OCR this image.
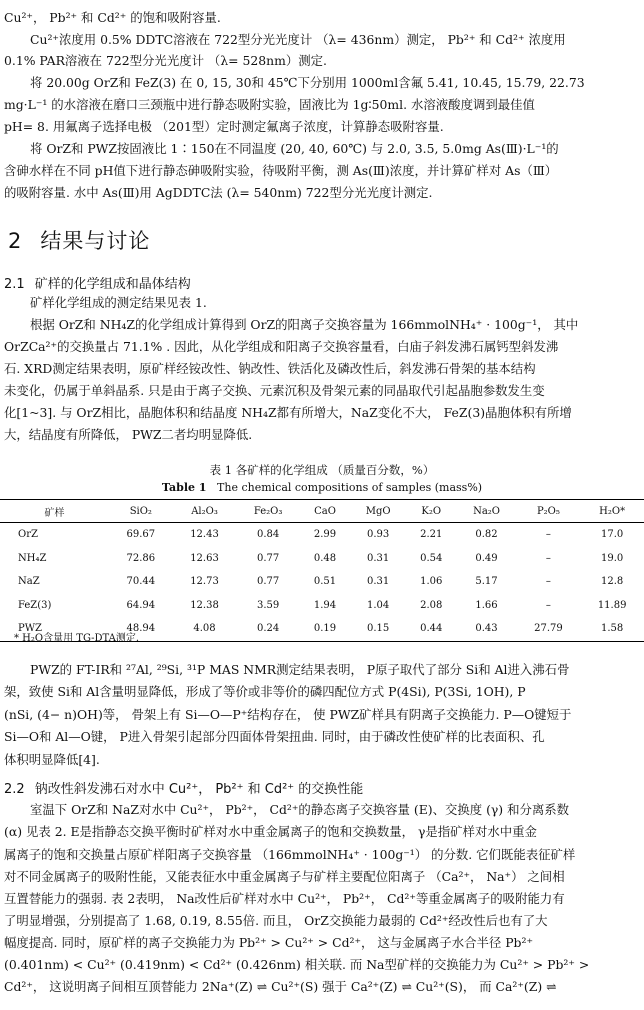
Cu²⁺， Pb²⁺ 和 Cd²⁺ 的饱和吸附容量.
Cu²⁺浓度用 0.5% DDTC溶液在 722型分光光度计 （λ= 436nm）测定， Pb²⁺ 和 Cd²⁺ 浓度用
0.1% PAR溶液在 722型分光光度计 （λ= 528nm）测定.
将 20.00g OrZ和 FeZ(3) 在 0, 15, 30和 45℃下分别用 1000ml含氟 5.41, 10.45, 15.79, 22.73
mg·L⁻¹ 的水溶液在磨口三颈瓶中进行静态吸附实验，固液比为 1g∶50ml. 水溶液酸度调到最佳值
pH= 8. 用氟离子选择电极 （201型）定时测定氟离子浓度，计算静态吸附容量.
将 OrZ和 PWZ按固液比 1∶150在不同温度 (20, 40, 60℃) 与 2.0, 3.5, 5.0mg As(Ⅲ)·L⁻¹的
含砷水样在不同 pH值下进行静态砷吸附实验，待吸附平衡，测 As(Ⅲ)浓度，并计算矿样对 As（Ⅲ）
的吸附容量. 水中 As(Ⅲ)用 AgDDTC法 (λ= 540nm) 722型分光光度计测定.
2 结果与讨论
2.1 矿样的化学组成和晶体结构
矿样化学组成的测定结果见表 1.
根据 OrZ和 NH₄Z的化学组成计算得到 OrZ的阳离子交换容量为 166mmolNH₄⁺ · 100g⁻¹， 其中
OrZCa²⁺的交换量占 71.1% . 因此，从化学组成和阳离子交换容量看，白庙子斜发沸石属钙型斜发沸
石. XRD测定结果表明，原矿样经铵改性、钠改性、铁活化及磷改性后，斜发沸石骨架的基本结构
未变化，仍属于单斜晶系. 只是由于离子交换、元素沉积及骨架元素的同晶取代引起晶胞参数发生变
化[1~3]. 与 OrZ相比，晶胞体积和结晶度 NH₄Z都有所增大，NaZ变化不大， FeZ(3)晶胞体积有所增
大，结晶度有所降低， PWZ二者均明显降低.
表 1 各矿样的化学组成 （质量百分数，%）
Table 1 The chemical compositions of samples (mass%)
矿样	SiO₂	Al₂O₃	Fe₂O₃	CaO	MgO	K₂O	Na₂O	P₂O₅	H₂O*
OrZ	69.67	12.43	0.84	2.99	0.93	2.21	0.82	–	17.0
NH₄Z	72.86	12.63	0.77	0.48	0.31	0.54	0.49	–	19.0
NaZ	70.44	12.73	0.77	0.51	0.31	1.06	5.17	–	12.8
FeZ(3)	64.94	12.38	3.59	1.94	1.04	2.08	1.66	–	11.89
PWZ	48.94	4.08	0.24	0.19	0.15	0.44	0.43	27.79	1.58
* H₂O含量用 TG-DTA测定.
PWZ的 FT-IR和 ²⁷Al, ²⁹Si, ³¹P MAS NMR测定结果表明， P原子取代了部分 Si和 Al进入沸石骨
架，致使 Si和 Al含量明显降低，形成了等价或非等价的磷四配位方式 P(4Si), P(3Si, 1OH), P
(nSi, (4− n)OH)等， 骨架上有 Si—O—P⁺结构存在， 使 PWZ矿样具有阴离子交换能力. P—O键短于
Si—O和 Al—O键， P进入骨架引起部分四面体骨架扭曲. 同时，由于磷改性使矿样的比表面积、孔
体积明显降低[4].
2.2 钠改性斜发沸石对水中 Cu²⁺， Pb²⁺ 和 Cd²⁺ 的交换性能
室温下 OrZ和 NaZ对水中 Cu²⁺， Pb²⁺， Cd²⁺的静态离子交换容量 (E)、交换度 (γ) 和分离系数
(α) 见表 2. E是指静态交换平衡时矿样对水中重金属离子的饱和交换数量， γ是指矿样对水中重金
属离子的饱和交换量占原矿样阳离子交换容量 （166mmolNH₄⁺ · 100g⁻¹） 的分数. 它们既能表征矿样
对不同金属离子的吸附性能，又能表征水中重金属离子与矿样主要配位阳离子 （Ca²⁺， Na⁺） 之间相
互置替能力的强弱. 表 2表明， Na改性后矿样对水中 Cu²⁺， Pb²⁺， Cd²⁺等重金属离子的吸附能力有
了明显增强，分别提高了 1.68, 0.19, 8.55倍. 而且， OrZ交换能力最弱的 Cd²⁺经改性后也有了大
幅度提高. 同时，原矿样的离子交换能力为 Pb²⁺ > Cu²⁺ > Cd²⁺， 这与金属离子水合半径 Pb²⁺
(0.401nm) < Cu²⁺ (0.419nm) < Cd²⁺ (0.426nm) 相关联. 而 Na型矿样的交换能力为 Cu²⁺ > Pb²⁺ >
Cd²⁺， 这说明离子间相互顶替能力 2Na⁺(Z) ⇌ Cu²⁺(S) 强于 Ca²⁺(Z) ⇌ Cu²⁺(S)， 而 Ca²⁺(Z) ⇌
